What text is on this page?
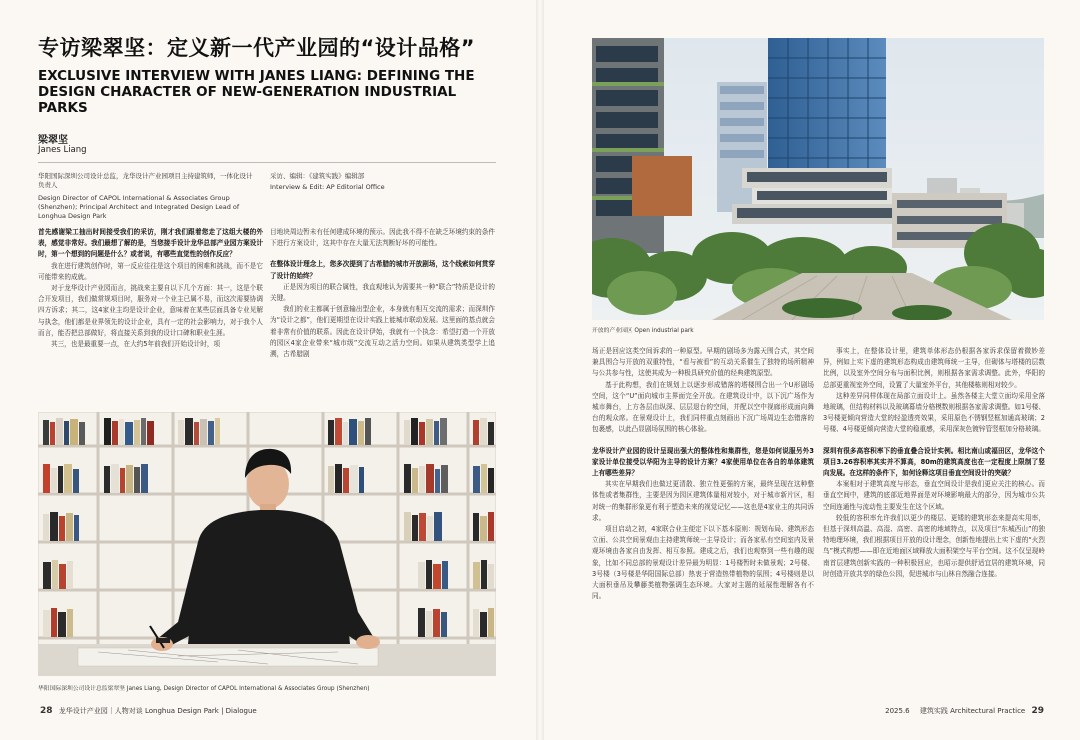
专访梁翠坚：定义新一代产业园的“设计品格”
EXCLUSIVE INTERVIEW WITH JANES LIANG: DEFINING THE DESIGN CHARACTER OF NEW-GENERATION INDUSTRIAL PARKS
梁翠坚
Janes Liang
华阳国际深圳公司设计总监，龙华设计产业园项目主持建筑师，一体化设计负责人
Design Director of CAPOL International & Associates Group (Shenzhen); Principal Architect and Integrated Design Lead of Longhua Design Park
采访、编辑：《建筑实践》编辑部
Interview & Edit: AP Editorial Office
首先感谢梁工抽出时间接受我们的采访，刚才我们跟着您走了这组大楼的外表，感觉非常好。我们最想了解的是，当您接手设计龙华总部产业园方案设计时，第一个想到的问题是什么？或者说，有哪些直觉性的创作反应？
我在进行建筑创作时，第一反应往往是这个项目的困难和挑战，而不是它可能带来的成就。
对于龙华设计产业园而言，挑战来主要自以下几个方面：其一，这是个联合开发项目，我们做常规项目时，服务对一个业主已属不易，而这次需要协调四方诉求；其二，这4家业主均是设计企业，意味着在某些层面具备专业见解与执念，他们都是业界领先的设计企业，具有一定的社会影响力，对于我个人而言，能否把总部做好，将直接关系到我的设计口碑和职业生涯。
其三，也是最重要一点，在大约5年前我们开始设计时，项
目地块周边暂未有任何建成环境的预示。因此我不得不在缺乏环境约束的条件下进行方案设计，这其中存在大量无法判断好坏的可能性。
在整体设计理念上，您多次提到了古希腊的城市开放剧场，这个线索如何贯穿了设计的始终？
正是因为项目的联合属性，我直观地认为需要其一种“联合”特质是设计的关键。
我们的业主都属于创意输出型企业，本身就有相互交流的需求；而深圳作为“设计之都”，他们更期望在设计实践上能城市联动发展。这里面的基点就会着非常有价值的联系。因此在设计伊始，我就有一个执念：希望打造一个开放的园区4家企业带来“城市级”交流互动之活力空间。如果从建筑类型学上追溯，古希腊剧
华阳国际深圳公司设计总监梁翠坚 Janes Liang, Design Director of CAPOL International & Associates Group (Shenzhen)
28 龙华设计产业园｜人物对谈 Longhua Design Park | Dialogue
开放的产业园区 Open industrial park
场正是回应这类空间诉求的一种原型。早期的剧场多为露天围合式，其空间兼具围合与开放的双重特性，“看与被看”的互动关系催生了独特的场所精神与公共参与性，这使其成为一种极具研究价值的经典建筑原型。
基于此构想，我们在规划上以逐步形成错落的塔楼围合出一个U形剧场空间，这个“U”面向城市主界面完全开放。在建筑设计中，以下沉广场作为城市舞台，上方各层由纵深、层层退台的空间，并配以空中视廊形成面向舞台的观众席。在景观设计上，我们同样重点刻画出下沉广场周边生态错落的包裹感，以此凸显剧场氛围的核心体验。
龙华设计产业园的设计呈现出强大的整体性和集群性，您是如何说服另外3家设计单位接受以华阳为主导的设计方案？4家使用单位在各自的单体建筑上有哪些差异？
其实在早期我们也做过更清散、独立性更强的方案，最终呈现在这种整体性或者集群性，主要是因为园区建筑体量相对较小，对于城市新片区，相对统一的集群形象更有利于塑造未来的视觉记忆——这也是4家业主的共同诉求。
项目启动之初，4家联合业主便定下以下基本原则：规划布局、建筑形态立面、公共空间景观由主持建筑师统一主导设计；而各家私有空间室内及景观环境由各家自由发挥、相互参照。建成之后，我们也观察到一些有趣的现象，比如不同总部的景观设计差异最为明显：1号楼暂时未做景观；2号楼、3号楼（3号楼是华阳国际总部）热衷于营造热带植物的氛围；4号楼则是以大面积垂吊及攀藤类植物强调生态环境。大家对主题的延展性理解各有不同。
事实上，在整体设计里，建筑单体形态仍根据各家诉求保留着微妙差异，例如上实下虚的建筑形态构成由建筑师统一主导，但砌体与塔楼的层数比例，以及室外空间分布与面积比例，则根据各家需求调整。此外，华阳的总部更重视室外空间，设置了大量室外平台，其他楼栋则相对较少。
这种差异同样体现在局部立面设计上。虽然各楼主大堂立面均采用全落地玻璃，但结构材料以及玻璃幕墙分格模数则根据各家需求调整。如1号楼、3号楼更倾向营造大堂的轻盈透亮效果，采用原色不锈钢竖框加通高玻璃；2号楼、4号楼更倾向营造大堂的稳重感，采用深灰色镀锌管竖框加分格玻璃。
深圳有很多高容积率下的垂直叠合设计实例。相比南山或福田区，龙华这个项目3.26容积率其实并不算高，80m的建筑高度也在一定程度上限制了竖向发展。在这样的条件下，如何诠释这项目垂直空间设计的突破？
本案相对于建筑高度与形态，垂直空间设计是我们更应关注的核心。而垂直空间中，建筑的底部近地界面是对环境影响最大的部分，因为城市公共空间连通性与流动性主要发生在这个区域。
较低的容积率允许我们以更少的楼层、更矮的建筑形态来提高实用率，但基于深圳高温、高湿、高密、高密的地域特点，以及项目“东城西山”的独特地理环境，我们根据项目开放的设计理念，创新性地提出上实下虚的“火烈鸟”模式构想——即在近地面区域释放大面积架空与平台空间。这不仅呈现岭南首层建筑创新实践的一种积极回应，也昭示提供舒适宜居的建筑环境，同时创造开放共享的绿色公园，促进城市与山林自然融合连接。
2025.6 建筑实践 Architectural Practice 29
